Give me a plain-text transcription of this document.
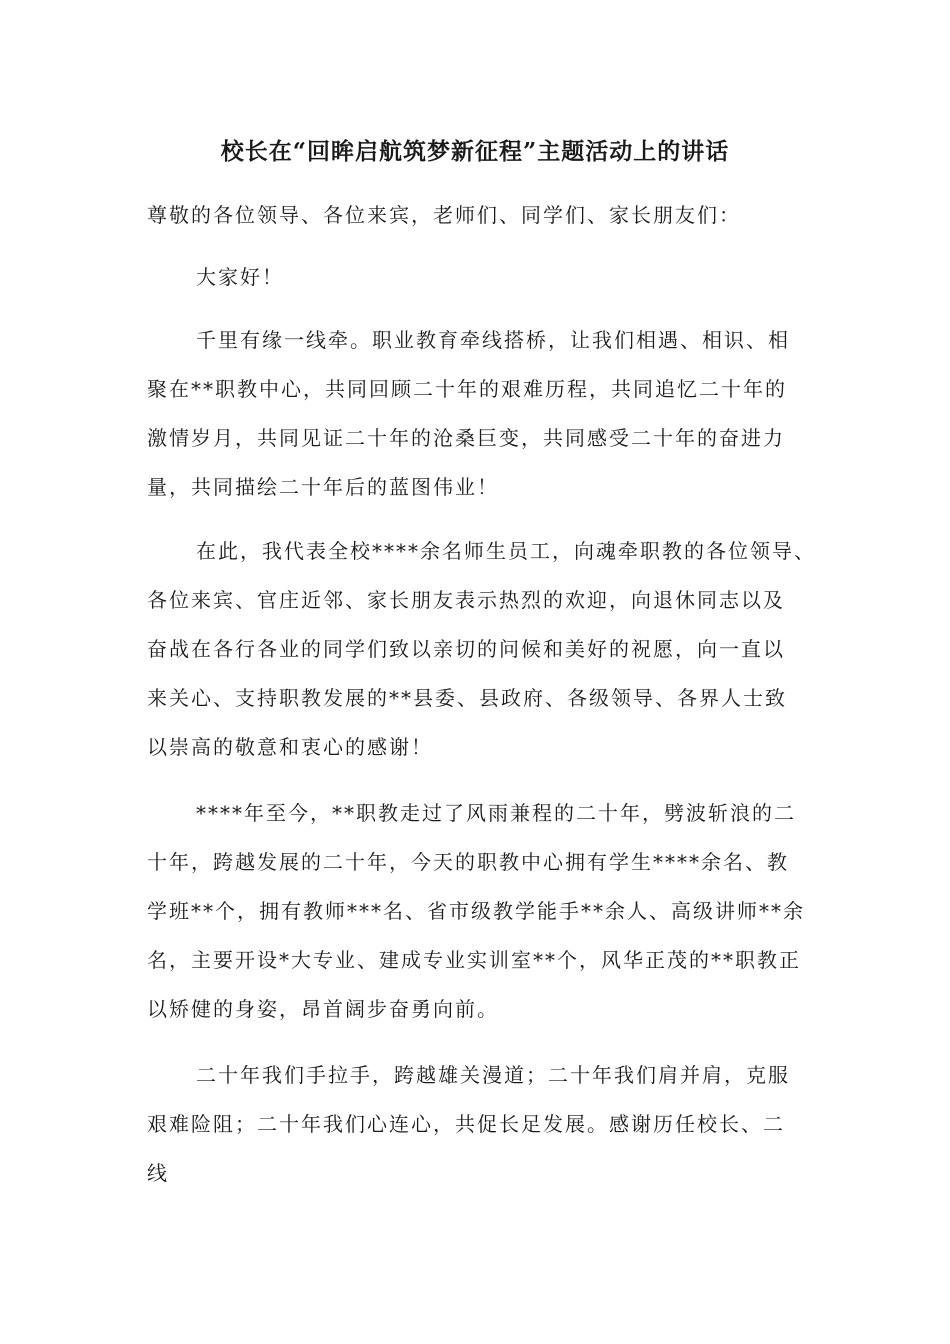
校长在“回眸启航筑梦新征程”主题活动上的讲话
尊敬的各位领导、各位来宾，老师们、同学们、家长朋友们：
大家好！
千里有缘一线牵。职业教育牵线搭桥，让我们相遇、相识、相
聚在**职教中心，共同回顾二十年的艰难历程，共同追忆二十年的
激情岁月，共同见证二十年的沧桑巨变，共同感受二十年的奋进力
量，共同描绘二十年后的蓝图伟业！
在此，我代表全校****余名师生员工，向魂牵职教的各位领导、
各位来宾、官庄近邻、家长朋友表示热烈的欢迎，向退休同志以及
奋战在各行各业的同学们致以亲切的问候和美好的祝愿，向一直以
来关心、支持职教发展的**县委、县政府、各级领导、各界人士致
以崇高的敬意和衷心的感谢！
****年至今，**职教走过了风雨兼程的二十年，劈波斩浪的二
十年，跨越发展的二十年，今天的职教中心拥有学生****余名、教
学班**个，拥有教师***名、省市级教学能手**余人、高级讲师**余
名，主要开设*大专业、建成专业实训室**个，风华正茂的**职教正
以矫健的身姿，昂首阔步奋勇向前。
二十年我们手拉手，跨越雄关漫道；二十年我们肩并肩，克服
艰难险阻；二十年我们心连心，共促长足发展。感谢历任校长、二
线
